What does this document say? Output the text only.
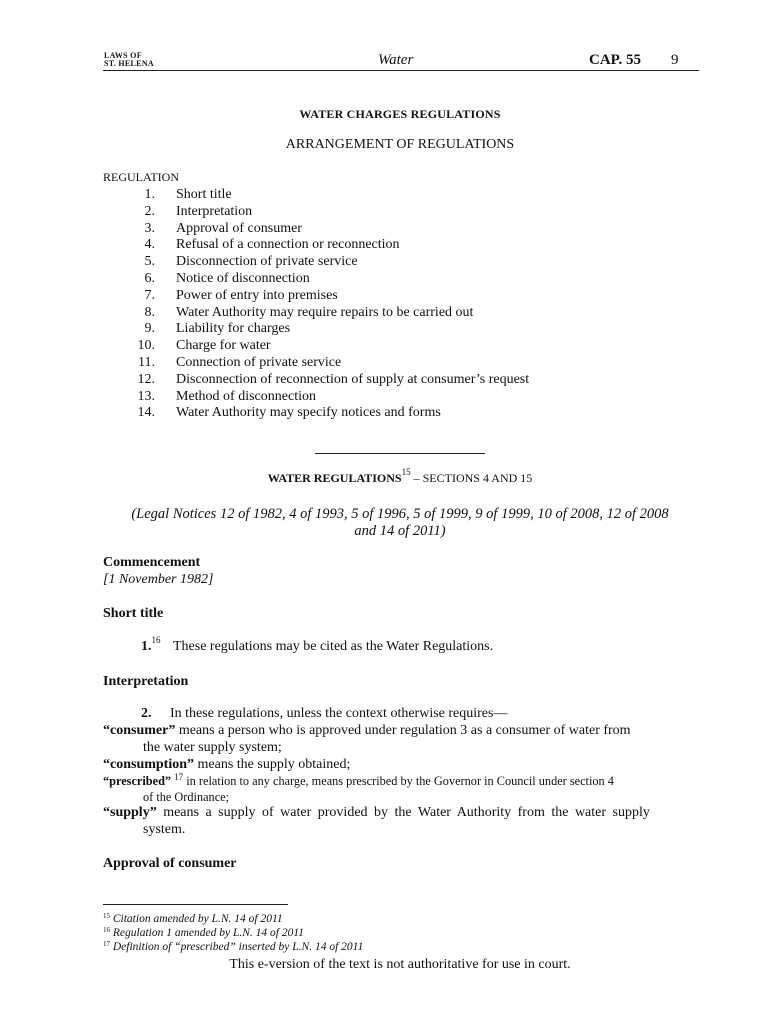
LAWS OF
ST. HELENA	Water	CAP. 55 9
WATER CHARGES REGULATIONS
ARRANGEMENT OF REGULATIONS
REGULATION
1.	Short title
2.	Interpretation
3.	Approval of consumer
4.	Refusal of a connection or reconnection
5.	Disconnection of private service
6.	Notice of disconnection
7.	Power of entry into premises
8.	Water Authority may require repairs to be carried out
9.	Liability for charges
10.	Charge for water
11.	Connection of private service
12.	Disconnection of reconnection of supply at consumer’s request
13.	Method of disconnection
14.	Water Authority may specify notices and forms
WATER REGULATIONS$^{15}$ – SECTIONS 4 AND 15
(Legal Notices 12 of 1982, 4 of 1993, 5 of 1996, 5 of 1999, 9 of 1999, 10 of 2008, 12 of 2008
and 14 of 2011)
Commencement
[1 November 1982]
Short title
1.16 These regulations may be cited as the Water Regulations.
Interpretation
2. In these regulations, unless the context otherwise requires—
“consumer” means a person who is approved under regulation 3 as a consumer of water from
the water supply system;
“consumption” means the supply obtained;
“prescribed” $^{17}$ in relation to any charge, means prescribed by the Governor in Council under section 4
of the Ordinance;
“supply” means a supply of water provided by the Water Authority from the water supply
system.
Approval of consumer
$^{15}$ Citation amended by L.N. 14 of 2011
$^{16}$ Regulation 1 amended by L.N. 14 of 2011
$^{17}$ Definition of “prescribed” inserted by L.N. 14 of 2011
This e-version of the text is not authoritative for use in court.
